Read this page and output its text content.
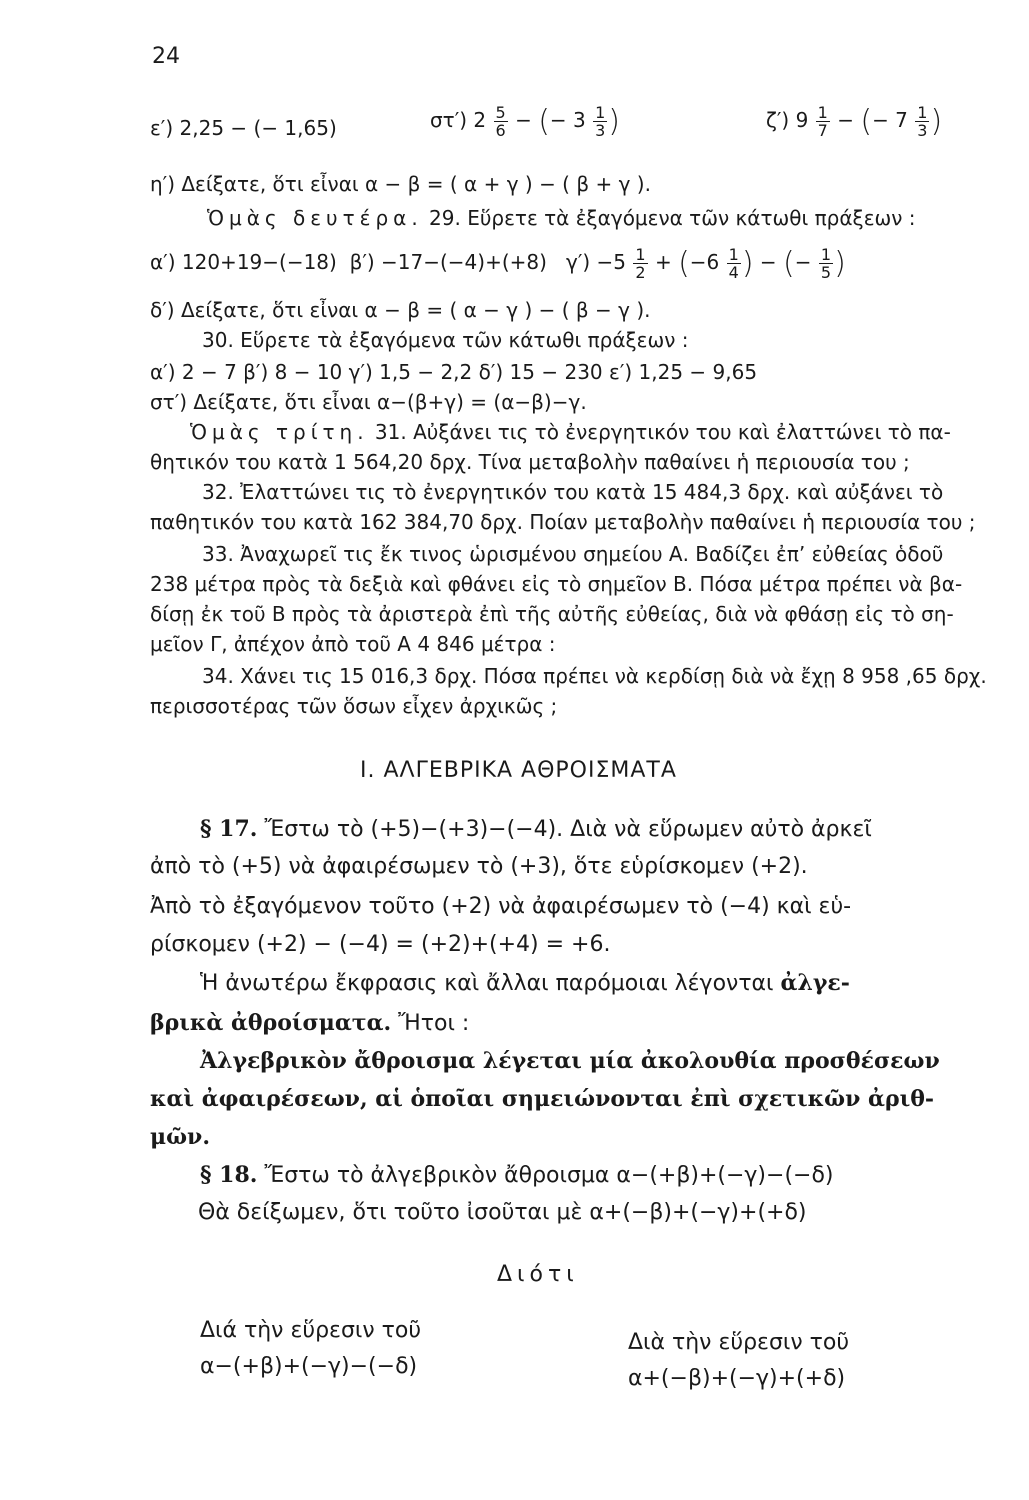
24
ε′) 2,25 − (− 1,65)	στ′) $2 \frac{5}{6}$ − (− $3 \frac{1}{3}$ )	ζ′) $9 \frac{1}{7}$ − (− $7 \frac{1}{3}$ )
η′) Δείξατε, ὅτι εἶναι α − β = ( α + γ ) − ( β + γ ).
Ὁμὰς δευτέρα. 29. Εὕρετε τὰ ἐξαγόμενα τῶν κάτωθι πράξεων :
α′) 120+19−(−18) β′) −17−(−4)+(+8) $\gamma') -5 \frac{1}{2} + (-6 \frac{1}{4}$ ) − (− $\frac{1}{5}$ )
δ′) Δείξατε, ὅτι εἶναι α − β = ( α − γ ) − ( β − γ ).
30. Εὕρετε τὰ ἐξαγόμενα τῶν κάτωθι πράξεων :
α′) 2 − 7 β′) 8 − 10 γ′) 1,5 − 2,2 δ′) 15 − 230 ε′) 1,25 − 9,65
στ′) Δείξατε, ὅτι εἶναι α−(β+γ) = (α−β)−γ.
Ὁμὰς τρίτη. 31. Αὐξάνει τις τὸ ἐνεργητικόν του καὶ ἐλαττώνει τὸ πα-
θητικόν του κατὰ 1 564,20 δρχ. Τίνα μεταβολὴν παθαίνει ἡ περιουσία του ;
32. Ἐλαττώνει τις τὸ ἐνεργητικόν του κατὰ 15 484,3 δρχ. καὶ αὐξάνει τὸ
παθητικόν του κατὰ 162 384,70 δρχ. Ποίαν μεταβολὴν παθαίνει ἡ περιουσία του ;
33. Ἀναχωρεῖ τις ἔκ τινος ὡρισμένου σημείου Α. Βαδίζει ἐπ’ εὐθείας ὁδοῦ
238 μέτρα πρὸς τὰ δεξιὰ καὶ φθάνει εἰς τὸ σημεῖον Β. Πόσα μέτρα πρέπει νὰ βα-
δίσῃ ἐκ τοῦ Β πρὸς τὰ ἀριστερὰ ἐπὶ τῆς αὐτῆς εὐθείας, διὰ νὰ φθάσῃ εἰς τὸ ση-
μεῖον Γ, ἀπέχον ἀπὸ τοῦ Α 4 846 μέτρα :
34. Χάνει τις 15 016,3 δρχ. Πόσα πρέπει νὰ κερδίσῃ διὰ νὰ ἔχῃ 8 958 ,65 δρχ.
περισσοτέρας τῶν ὅσων εἶχεν ἀρχικῶς ;
I. ΑΛΓΕΒΡΙΚΑ ΑΘΡΟΙΣΜΑΤΑ
§ 17. Ἔστω τὸ (+5)−(+3)−(−4). Διὰ νὰ εὕρωμεν αὐτὸ ἀρκεῖ
ἀπὸ τὸ (+5) νὰ ἀφαιρέσωμεν τὸ (+3), ὅτε εὑρίσκομεν (+2).
Ἀπὸ τὸ ἐξαγόμενον τοῦτο (+2) νὰ ἀφαιρέσωμεν τὸ (−4) καὶ εὑ-
ρίσκομεν (+2) − (−4) = (+2)+(+4) = +6.
Ἡ ἀνωτέρω ἔκφρασις καὶ ἄλλαι παρόμοιαι λέγονται ἀλγε-
βρικὰ ἀθροίσματα. Ἤτοι :
Ἀλγεβρικὸν ἄθροισμα λέγεται μία ἀκολουθία προσθέσεων
καὶ ἀφαιρέσεων, αἱ ὁποῖαι σημειώνονται ἐπὶ σχετικῶν ἀριθ-
μῶν.
§ 18. Ἔστω τὸ ἀλγεβρικὸν ἄθροισμα α−(+β)+(−γ)−(−δ)
Θὰ δείξωμεν, ὅτι τοῦτο ἰσοῦται μὲ α+(−β)+(−γ)+(+δ)
Διότι
Διά τὴν εὕρεσιν τοῦ
α−(+β)+(−γ)−(−δ)
Διὰ τὴν εὕρεσιν τοῦ
α+(−β)+(−γ)+(+δ)
